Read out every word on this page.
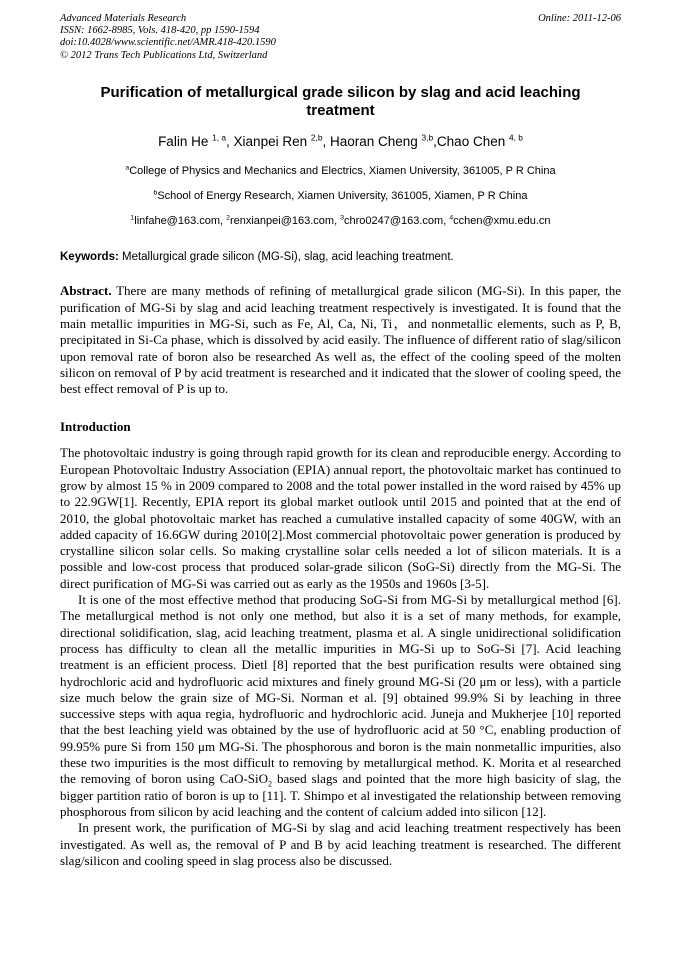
Advanced Materials Research
ISSN: 1662-8985, Vols. 418-420, pp 1590-1594
doi:10.4028/www.scientific.net/AMR.418-420.1590
© 2012 Trans Tech Publications Ltd, Switzerland
Online: 2011-12-06
Purification of metallurgical grade silicon by slag and acid leaching treatment

Falin He $^{1, a}$, Xianpei Ren $^{2,b}$, Haoran Cheng $^{3,b}$,Chao Chen $^{4, b}$

$^a$College of Physics and Mechanics and Electrics, Xiamen University, 361005, P R China

$^b$School of Energy Research, Xiamen University, 361005, Xiamen, P R China

$^1$linfahe@163.com, $^2$renxianpei@163.com, $^3$chro0247@163.com, $^4$cchen@xmu.edu.cn

Keywords: Metallurgical grade silicon (MG-Si), slag, acid leaching treatment.

Abstract. There are many methods of refining of metallurgical grade silicon (MG-Si). In this paper, the purification of MG-Si by slag and acid leaching treatment respectively is investigated. It is found that the main metallic impurities in MG-Si, such as Fe, Al, Ca, Ni, Ti，and nonmetallic elements, such as P, B, precipitated in Si-Ca phase, which is dissolved by acid easily. The influence of different ratio of slag/silicon upon removal rate of boron also be researched As well as, the effect of the cooling speed of the molten silicon on removal of P by acid treatment is researched and it indicated that the slower of cooling speed, the best effect removal of P is up to.

Introduction

The photovoltaic industry is going through rapid growth for its clean and reproducible energy. According to European Photovoltaic Industry Association (EPIA) annual report, the photovoltaic market has continued to grow by almost 15 % in 2009 compared to 2008 and the total power installed in the word raised by 45% up to 22.9GW[1]. Recently, EPIA report its global market outlook until 2015 and pointed that at the end of 2010, the global photovoltaic market has reached a cumulative installed capacity of some 40GW, with an added capacity of 16.6GW during 2010[2].Most commercial photovoltaic power generation is produced by crystalline silicon solar cells. So making crystalline solar cells needed a lot of silicon materials. It is a possible and low-cost process that produced solar-grade silicon (SoG-Si) directly from the MG-Si. The direct purification of MG-Si was carried out as early as the 1950s and 1960s [3-5].

It is one of the most effective method that producing SoG-Si from MG-Si by metallurgical method [6]. The metallurgical method is not only one method, but also it is a set of many methods, for example, directional solidification, slag, acid leaching treatment, plasma et al. A single unidirectional solidification process has difficulty to clean all the metallic impurities in MG-Si up to SoG-Si [7]. Acid leaching treatment is an efficient process. Dietl [8] reported that the best purification results were obtained sing hydrochloric acid and hydrofluoric acid mixtures and finely ground MG-Si (20 μm or less), with a particle size much below the grain size of MG-Si. Norman et al. [9] obtained 99.9% Si by leaching in three successive steps with aqua regia, hydrofluoric and hydrochloric acid. Juneja and Mukherjee [10] reported that the best leaching yield was obtained by the use of hydrofluoric acid at 50 °C, enabling production of 99.95% pure Si from 150 μm MG-Si. The phosphorous and boron is the main nonmetallic impurities, also these two impurities is the most difficult to removing by metallurgical method. K. Morita et al researched the removing of boron using CaO-SiO$_2$ based slags and pointed that the more high basicity of slag, the bigger partition ratio of boron is up to [11]. T. Shimpo et al investigated the relationship between removing phosphorous from silicon by acid leaching and the content of calcium added into silicon [12].

In present work, the purification of MG-Si by slag and acid leaching treatment respectively has been investigated. As well as, the removal of P and B by acid leaching treatment is researched. The different slag/silicon and cooling speed in slag process also be discussed.
